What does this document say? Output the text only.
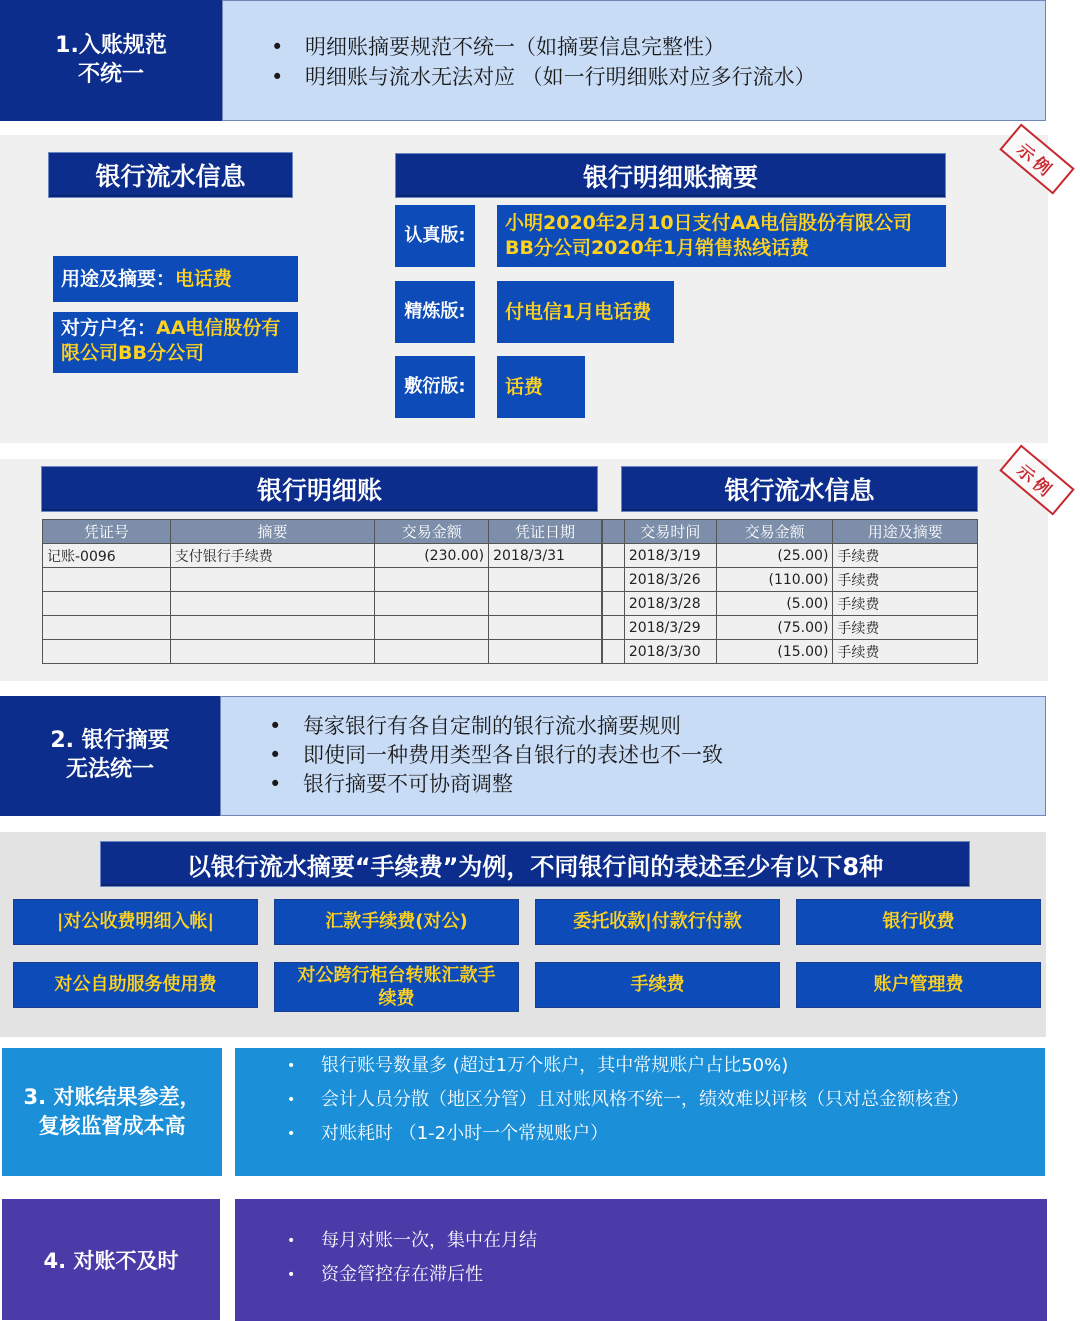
1.入账规范
不统一
• 明细账摘要规范不统一（如摘要信息完整性）
• 明细账与流水无法对应 （如一行明细账对应多行流水）
银行流水信息
用途及摘要： 电话费
对方户名：AA电信股份有限公司BB分公司
银行明细账摘要
认真版:
小明2020年2月10日支付AA电信股份有限公司BB分公司2020年1月销售热线话费
精炼版:	付电信1月电话费
敷衍版:	话费
示例
银行明细账	银行流水信息	示例
凭证号	摘要	交易金额	凭证日期
记账-0096	支付银行手续费	(230.00)	2018/3/31

	交易时间	交易金额	用途及摘要
	2018/3/19	(25.00)	手续费
	2018/3/26	(110.00)	手续费
	2018/3/28	(5.00)	手续费
	2018/3/29	(75.00)	手续费
	2018/3/30	(15.00)	手续费
2. 银行摘要
无法统一
• 每家银行有各自定制的银行流水摘要规则
• 即使同一种费用类型各自银行的表述也不一致
• 银行摘要不可协商调整
以银行流水摘要“手续费”为例，不同银行间的表述至少有以下8种
|对公收费明细入帐|	汇款手续费(对公)	委托收款|付款行付款	银行收费
对公自助服务使用费	对公跨行柜台转账汇款手续费
手续费	账户管理费
3. 对账结果参差，
复核监督成本高
• 银行账号数量多 (超过1万个账户，其中常规账户占比50%)
• 会计人员分散（地区分管）且对账风格不统一，绩效难以评核（只对总金额核查）
• 对账耗时 （1-2小时一个常规账户）
4. 对账不及时
• 每月对账一次，集中在月结
• 资金管控存在滞后性
